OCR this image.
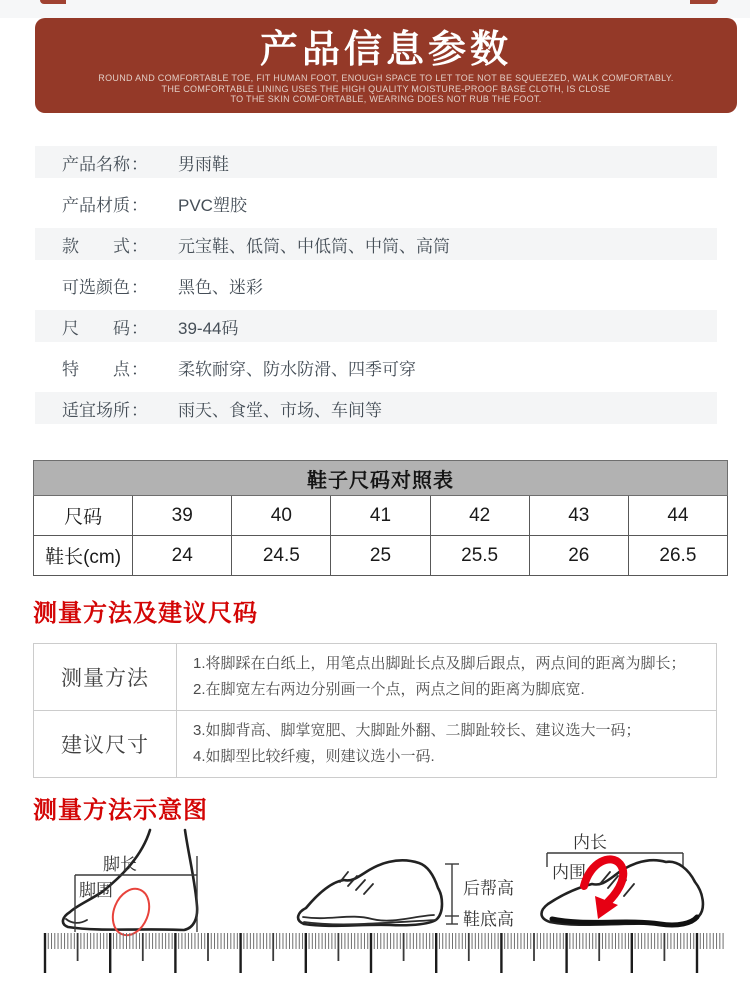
产品信息参数
ROUND AND COMFORTABLE TOE, FIT HUMAN FOOT, ENOUGH SPACE TO LET TOE NOT BE SQUEEZED, WALK COMFORTABLY.
THE COMFORTABLE LINING USES THE HIGH QUALITY MOISTURE-PROOF BASE CLOTH, IS CLOSE
TO THE SKIN COMFORTABLE, WEARING DOES NOT RUB THE FOOT.
产品名称 ： 男雨鞋
产品材质 ： PVC塑胶
款式 ： 元宝鞋、低筒、中低筒、中筒、高筒
可选颜色 ： 黑色、迷彩
尺码 ： 39-44码
特点 ： 柔软耐穿、防水防滑、四季可穿
适宜场所 ： 雨天、食堂、市场、车间等
鞋子尺码对照表						
尺码	39	40	41	42	43	44
鞋长(cm)	24	24.5	25	25.5	26	26.5
测量方法及建议尺码
测量方法	1.将脚踩在白纸上，用笔点出脚趾长点及脚后跟点，两点间的距离为脚长；
2.在脚宽左右两边分别画一个点，两点之间的距离为脚底宽.

建议尺寸	3.如脚背高、脚掌宽肥、大脚趾外翻、二脚趾较长、建议选大一码；
4.如脚型比较纤瘦，则建议选小一码.
测量方法示意图
脚长
脚围	后帮高
鞋底高
内长
内围
